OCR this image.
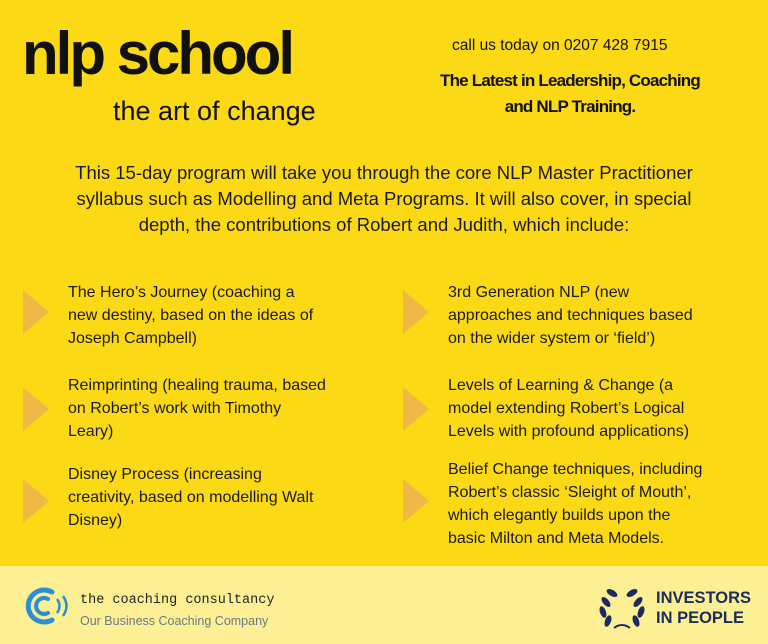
nlp school
the art of change
call us today on 0207 428 7915
The Latest in Leadership, Coaching
and NLP Training.
This 15-day program will take you through the core NLP Master Practitioner
syllabus such as Modelling and Meta Programs. It will also cover, in special
depth, the contributions of Robert and Judith, which include:
The Hero’s Journey (coaching a
new destiny, based on the ideas of
Joseph Campbell)
3rd Generation NLP (new
approaches and techniques based
on the wider system or ‘field’)
Reimprinting (healing trauma, based
on Robert’s work with Timothy
Leary)
Levels of Learning & Change (a
model extending Robert’s Logical
Levels with profound applications)
Disney Process (increasing
creativity, based on modelling Walt
Disney)
Belief Change techniques, including
Robert’s classic ‘Sleight of Mouth’,
which elegantly builds upon the
basic Milton and Meta Models.
the coaching consultancy
Our Business Coaching Company
INVESTORS
IN PEOPLE
